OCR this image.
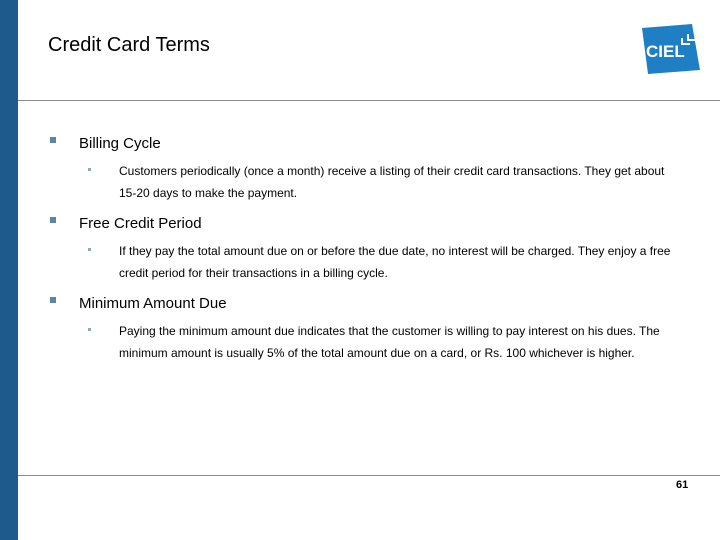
Credit Card Terms	CIEL
Billing Cycle
Customers periodically (once a month) receive a listing of their credit card transactions. They get about 15-20 days to make the payment.
Free Credit Period
If they pay the total amount due on or before the due date, no interest will be charged. They enjoy a free credit period for their transactions in a billing cycle.
Minimum Amount Due
Paying the minimum amount due indicates that the customer is willing to pay interest on his dues. The minimum amount is usually 5% of the total amount due on a card, or Rs. 100 whichever is higher.
61
